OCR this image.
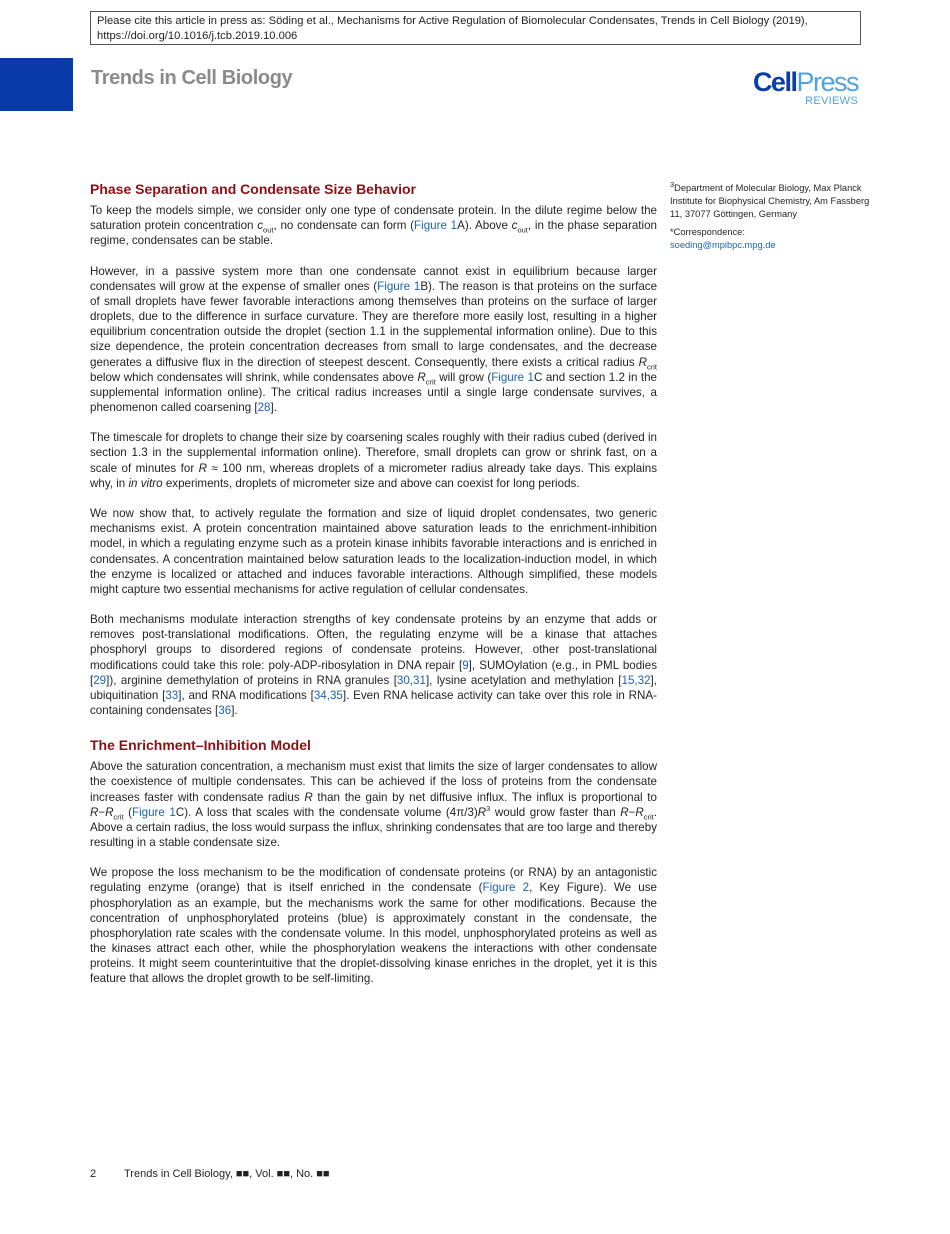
Please cite this article in press as: Söding et al., Mechanisms for Active Regulation of Biomolecular Condensates, Trends in Cell Biology (2019),
https://doi.org/10.1016/j.tcb.2019.10.006
Trends in Cell Biology	CellPress
REVIEWS
Phase Separation and Condensate Size Behavior

To keep the models simple, we consider only one type of condensate protein. In the dilute regime below the saturation protein concentration $c_{out}$, no condensate can form (Figure 1A). Above $c_{out}$, in the phase separation regime, condensates can be stable.

However, in a passive system more than one condensate cannot exist in equilibrium because larger condensates will grow at the expense of smaller ones (Figure 1B). The reason is that proteins on the surface of small droplets have fewer favorable interactions among themselves than proteins on the surface of larger droplets, due to the difference in surface curvature. They are therefore more easily lost, resulting in a higher equilibrium concentration outside the droplet (section 1.1 in the supplemental information online). Due to this size dependence, the protein concentration decreases from small to large condensates, and the decrease generates a diffusive flux in the direction of steepest descent. Consequently, there exists a critical radius $R_{crit}$ below which condensates will shrink, while condensates above $R_{crit}$ will grow (Figure 1C and section 1.2 in the supplemental information online). The critical radius increases until a single large condensate survives, a phenomenon called coarsening [28].

The timescale for droplets to change their size by coarsening scales roughly with their radius cubed (derived in section 1.3 in the supplemental information online). Therefore, small droplets can grow or shrink fast, on a scale of minutes for R ≈ 100 nm, whereas droplets of a micrometer radius already take days. This explains why, in in vitro experiments, droplets of micrometer size and above can coexist for long periods.

We now show that, to actively regulate the formation and size of liquid droplet condensates, two generic mechanisms exist. A protein concentration maintained above saturation leads to the enrichment-inhibition model, in which a regulating enzyme such as a protein kinase inhibits favorable interactions and is enriched in condensates. A concentration maintained below saturation leads to the localization-induction model, in which the enzyme is localized or attached and induces favorable interactions. Although simplified, these models might capture two essential mechanisms for active regulation of cellular condensates.

Both mechanisms modulate interaction strengths of key condensate proteins by an enzyme that adds or removes post-translational modifications. Often, the regulating enzyme will be a kinase that attaches phosphoryl groups to disordered regions of condensate proteins. However, other post-translational modifications could take this role: poly-ADP-ribosylation in DNA repair [9], SUMOylation (e.g., in PML bodies [29]), arginine demethylation of proteins in RNA granules [30,31], lysine acetylation and methylation [15,32], ubiquitination [33], and RNA modifications [34,35]. Even RNA helicase activity can take over this role in RNA-containing condensates [36].

The Enrichment–Inhibition Model

Above the saturation concentration, a mechanism must exist that limits the size of larger condensates to allow the coexistence of multiple condensates. This can be achieved if the loss of proteins from the condensate increases faster with condensate radius R than the gain by net diffusive influx. The influx is proportional to $R-R_{crit}$ (Figure 1C). A loss that scales with the condensate volume $(4\pi/3)R^3$ would grow faster than $R-R_{crit}$. Above a certain radius, the loss would surpass the influx, shrinking condensates that are too large and thereby resulting in a stable condensate size.

We propose the loss mechanism to be the modification of condensate proteins (or RNA) by an antagonistic regulating enzyme (orange) that is itself enriched in the condensate (Figure 2, Key Figure). We use phosphorylation as an example, but the mechanisms work the same for other modifications. Because the concentration of unphosphorylated proteins (blue) is approximately constant in the condensate, the phosphorylation rate scales with the condensate volume. In this model, unphosphorylated proteins as well as the kinases attract each other, while the phosphorylation weakens the interactions with other condensate proteins. It might seem counterintuitive that the droplet-dissolving kinase enriches in the droplet, yet it is this feature that allows the droplet growth to be self-limiting.

$^3$Department of Molecular Biology, Max Planck Institute for Biophysical Chemistry, Am Fassberg 11, 37077 Göttingen, Germany
*Correspondence:
soeding@mpibpc.mpg.de
2	Trends in Cell Biology, ■■, Vol. ■■, No. ■■
